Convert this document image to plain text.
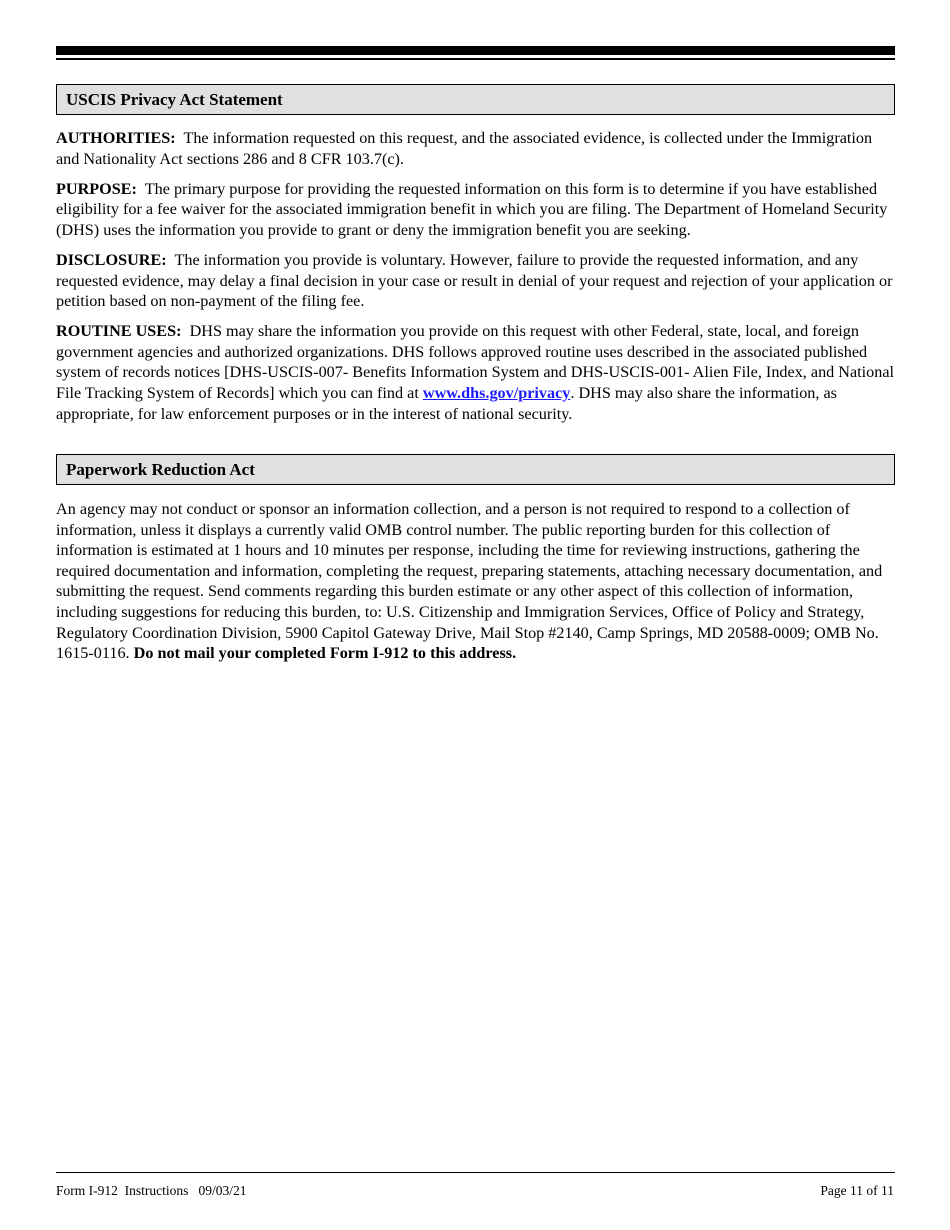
USCIS Privacy Act Statement

AUTHORITIES: The information requested on this request, and the associated evidence, is collected under the Immigration and Nationality Act sections 286 and 8 CFR 103.7(c).

PURPOSE: The primary purpose for providing the requested information on this form is to determine if you have established eligibility for a fee waiver for the associated immigration benefit in which you are filing. The Department of Homeland Security (DHS) uses the information you provide to grant or deny the immigration benefit you are seeking.

DISCLOSURE: The information you provide is voluntary. However, failure to provide the requested information, and any requested evidence, may delay a final decision in your case or result in denial of your request and rejection of your application or petition based on non-payment of the filing fee.

ROUTINE USES: DHS may share the information you provide on this request with other Federal, state, local, and foreign government agencies and authorized organizations. DHS follows approved routine uses described in the associated published system of records notices [DHS-USCIS-007- Benefits Information System and DHS-USCIS-001- Alien File, Index, and National File Tracking System of Records] which you can find at www.dhs.gov/privacy. DHS may also share the information, as appropriate, for law enforcement purposes or in the interest of national security.

Paperwork Reduction Act

An agency may not conduct or sponsor an information collection, and a person is not required to respond to a collection of information, unless it displays a currently valid OMB control number. The public reporting burden for this collection of information is estimated at 1 hours and 10 minutes per response, including the time for reviewing instructions, gathering the required documentation and information, completing the request, preparing statements, attaching necessary documentation, and submitting the request. Send comments regarding this burden estimate or any other aspect of this collection of information, including suggestions for reducing this burden, to: U.S. Citizenship and Immigration Services, Office of Policy and Strategy, Regulatory Coordination Division, 5900 Capitol Gateway Drive, Mail Stop #2140, Camp Springs, MD 20588-0009; OMB No. 1615-0116. Do not mail your completed Form I-912 to this address.

Form I-912  Instructions   09/03/21	Page 11 of 11
